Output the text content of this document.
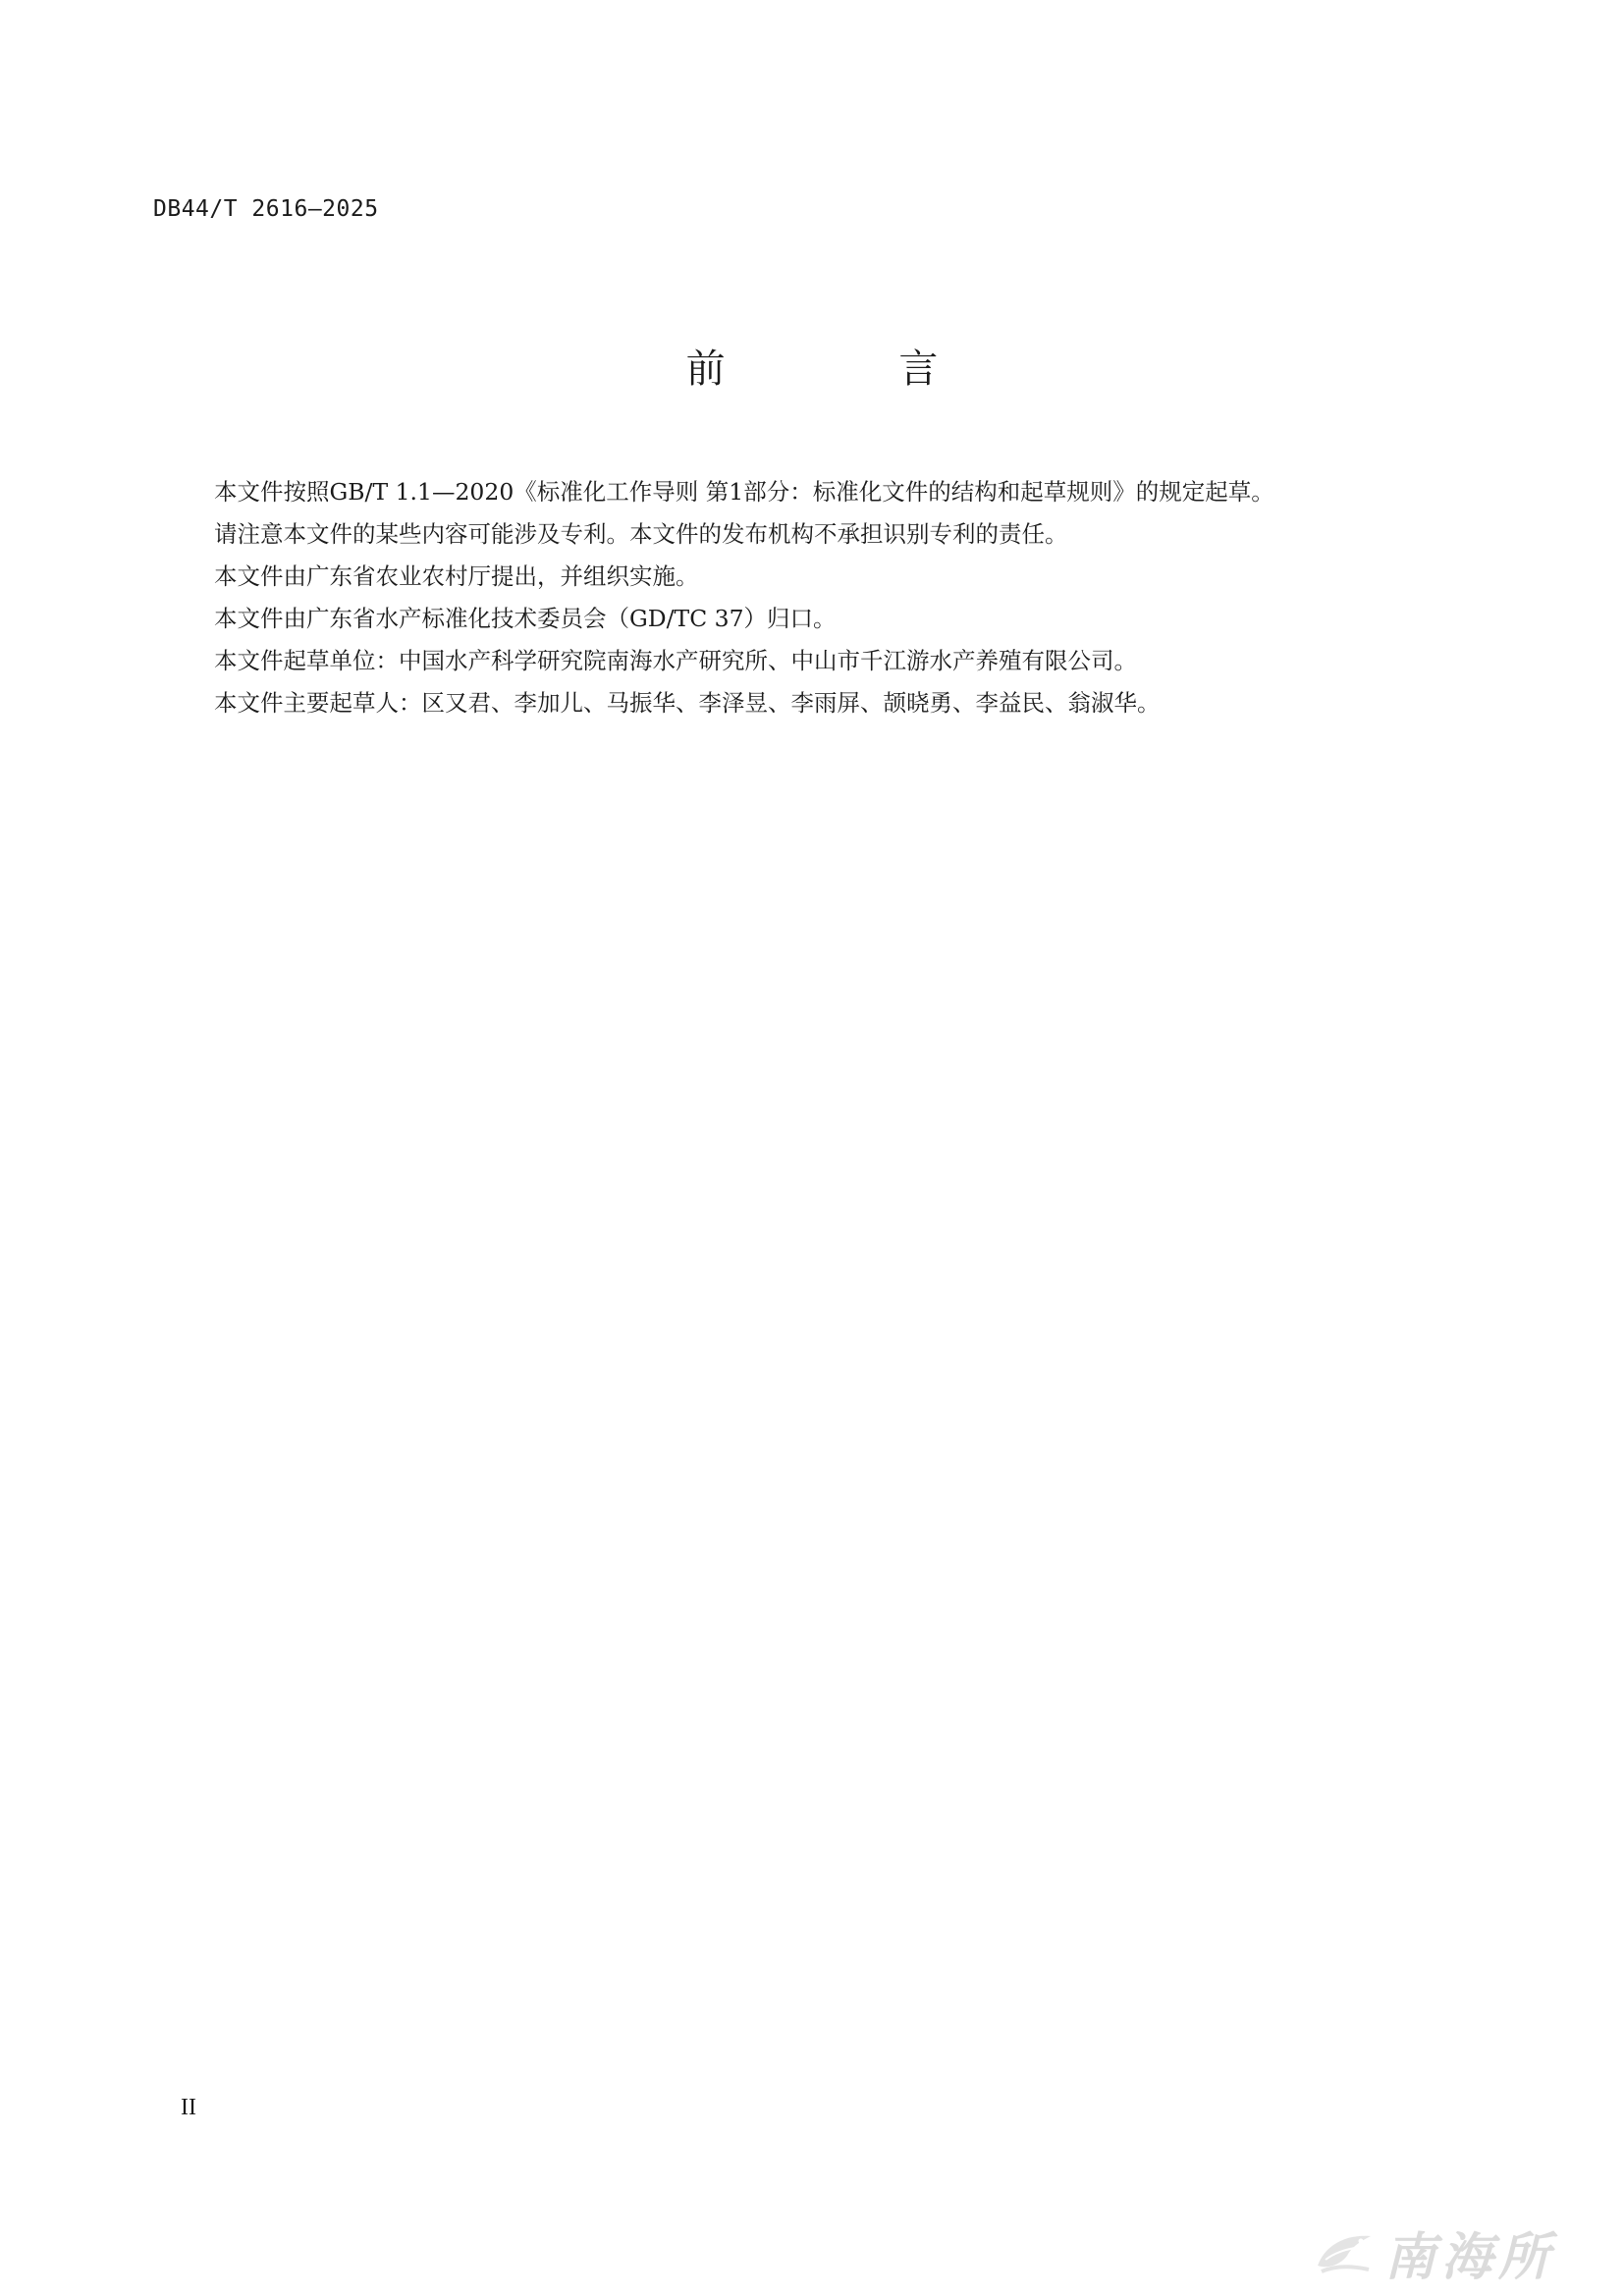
DB44/T 2616—2025
前 言

本文件按照GB/T 1.1—2020《标准化工作导则 第1部分：标准化文件的结构和起草规则》的规定起草。

请注意本文件的某些内容可能涉及专利。本文件的发布机构不承担识别专利的责任。

本文件由广东省农业农村厅提出，并组织实施。

本文件由广东省水产标准化技术委员会（GD/TC 37）归口。

本文件起草单位：中国水产科学研究院南海水产研究所、中山市千江游水产养殖有限公司。

本文件主要起草人：区又君、李加儿、马振华、李泽昱、李雨屏、颉晓勇、李益民、翁淑华。

II
南海所
